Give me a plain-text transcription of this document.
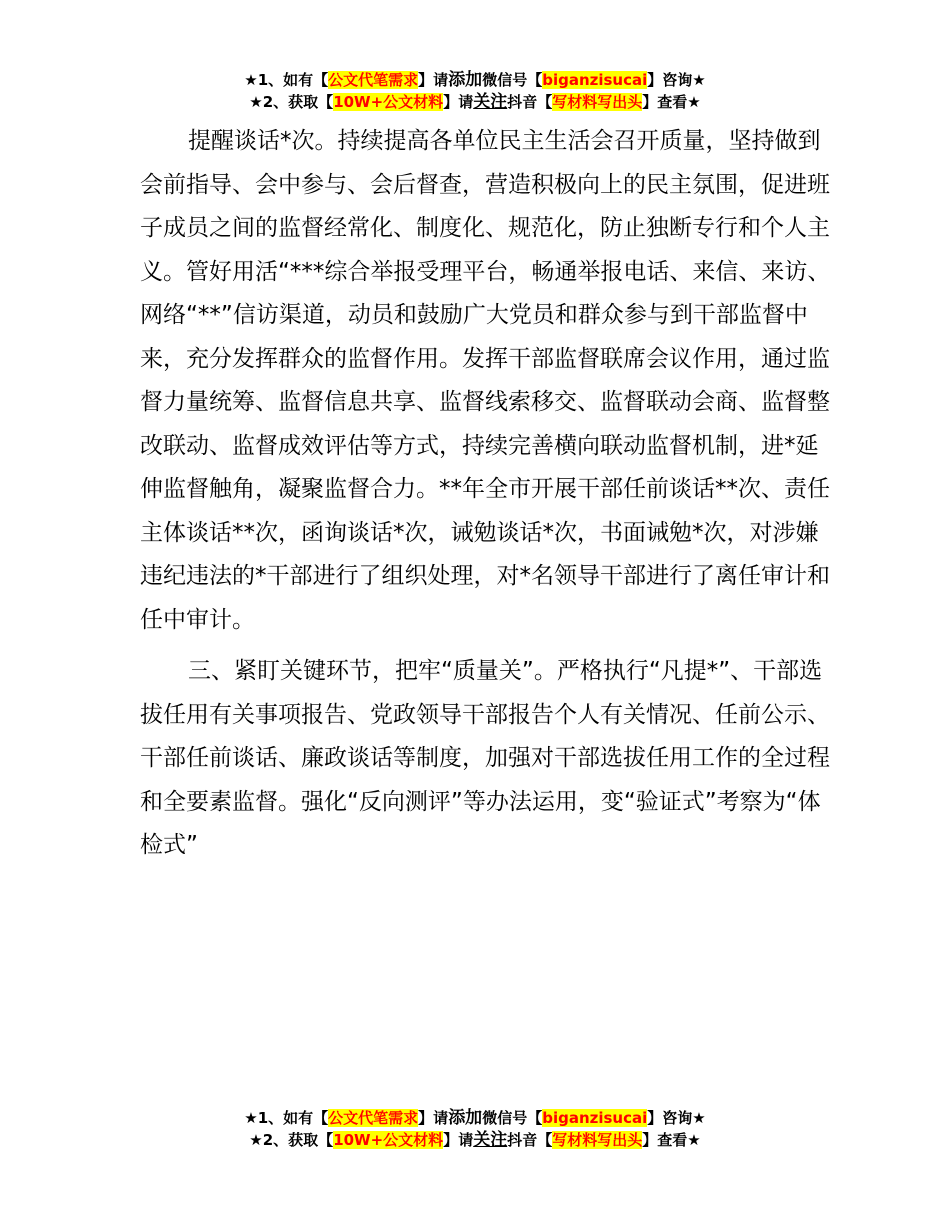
★1、如有【公文代笔需求】请添加微信号【biganzisucai】咨询★
★2、获取【10W+公文材料】请关注抖音【写材料写出头】查看★

提醒谈话*次。持续提高各单位民主生活会召开质量，坚持做到会前指导、会中参与、会后督查，营造积极向上的民主氛围，促进班子成员之间的监督经常化、制度化、规范化，防止独断专行和个人主义。管好用活“***综合举报受理平台，畅通举报电话、来信、来访、网络“**”信访渠道，动员和鼓励广大党员和群众参与到干部监督中来，充分发挥群众的监督作用。发挥干部监督联席会议作用，通过监督力量统筹、监督信息共享、监督线索移交、监督联动会商、监督整改联动、监督成效评估等方式，持续完善横向联动监督机制，进*延伸监督触角，凝聚监督合力。**年全市开展干部任前谈话**次、责任主体谈话**次，函询谈话*次，诫勉谈话*次，书面诫勉*次，对涉嫌违纪违法的*干部进行了组织处理，对*名领导干部进行了离任审计和任中审计。

三、紧盯关键环节，把牢“质量关”。严格执行“凡提*”、干部选拔任用有关事项报告、党政领导干部报告个人有关情况、任前公示、干部任前谈话、廉政谈话等制度，加强对干部选拔任用工作的全过程和全要素监督。强化“反向测评”等办法运用，变“验证式”考察为“体检式”

★1、如有【公文代笔需求】请添加微信号【biganzisucai】咨询★
★2、获取【10W+公文材料】请关注抖音【写材料写出头】查看★
